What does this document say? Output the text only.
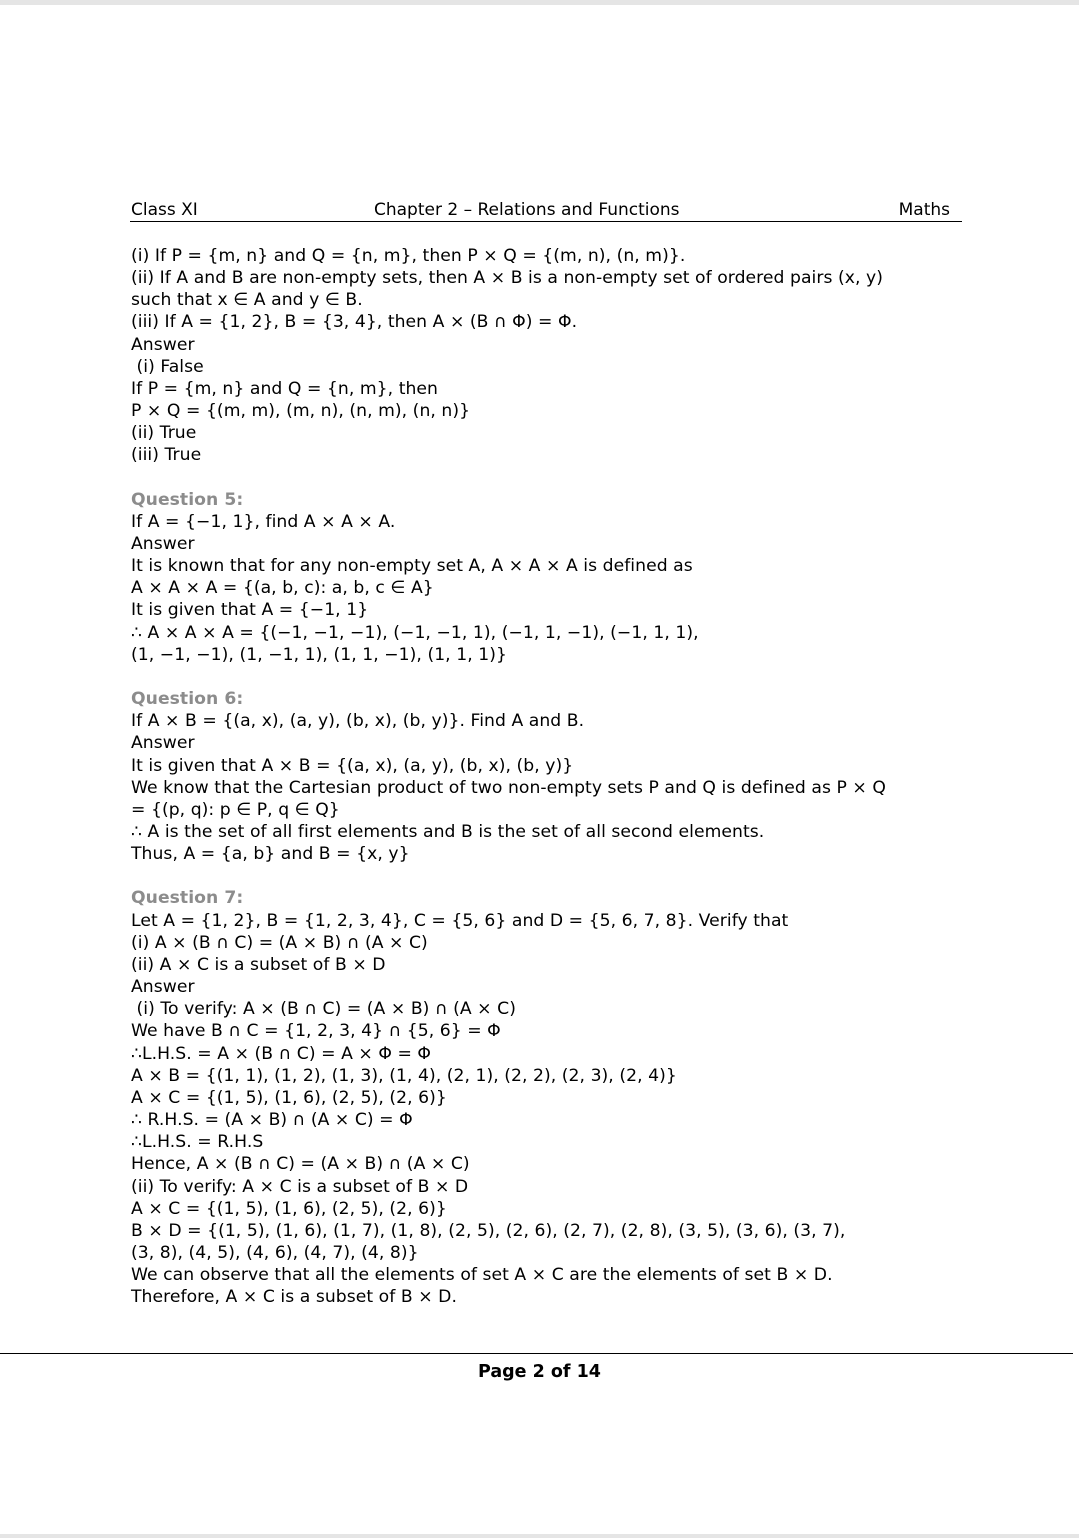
Class XI	Chapter 2 – Relations and Functions	Maths
(i) If P = {m, n} and Q = {n, m}, then P × Q = {(m, n), (n, m)}.
(ii) If A and B are non-empty sets, then A × B is a non-empty set of ordered pairs (x, y)
such that x ∈ A and y ∈ B.
(iii) If A = {1, 2}, B = {3, 4}, then A × (B ∩ Φ) = Φ.
Answer
(i) False
If P = {m, n} and Q = {n, m}, then
P × Q = {(m, m), (m, n), (n, m), (n, n)}
(ii) True
(iii) True
Question 5:
If A = {−1, 1}, find A × A × A.
Answer
It is known that for any non-empty set A, A × A × A is defined as
A × A × A = {(a, b, c): a, b, c ∈ A}
It is given that A = {−1, 1}
∴ A × A × A = {(−1, −1, −1), (−1, −1, 1), (−1, 1, −1), (−1, 1, 1),
(1, −1, −1), (1, −1, 1), (1, 1, −1), (1, 1, 1)}
Question 6:
If A × B = {(a, x), (a, y), (b, x), (b, y)}. Find A and B.
Answer
It is given that A × B = {(a, x), (a, y), (b, x), (b, y)}
We know that the Cartesian product of two non-empty sets P and Q is defined as P × Q
= {(p, q): p ∈ P, q ∈ Q}
∴ A is the set of all first elements and B is the set of all second elements.
Thus, A = {a, b} and B = {x, y}
Question 7:
Let A = {1, 2}, B = {1, 2, 3, 4}, C = {5, 6} and D = {5, 6, 7, 8}. Verify that
(i) A × (B ∩ C) = (A × B) ∩ (A × C)
(ii) A × C is a subset of B × D
Answer
(i) To verify: A × (B ∩ C) = (A × B) ∩ (A × C)
We have B ∩ C = {1, 2, 3, 4} ∩ {5, 6} = Φ
∴L.H.S. = A × (B ∩ C) = A × Φ = Φ
A × B = {(1, 1), (1, 2), (1, 3), (1, 4), (2, 1), (2, 2), (2, 3), (2, 4)}
A × C = {(1, 5), (1, 6), (2, 5), (2, 6)}
∴ R.H.S. = (A × B) ∩ (A × C) = Φ
∴L.H.S. = R.H.S
Hence, A × (B ∩ C) = (A × B) ∩ (A × C)
(ii) To verify: A × C is a subset of B × D
A × C = {(1, 5), (1, 6), (2, 5), (2, 6)}
B × D = {(1, 5), (1, 6), (1, 7), (1, 8), (2, 5), (2, 6), (2, 7), (2, 8), (3, 5), (3, 6), (3, 7),
(3, 8), (4, 5), (4, 6), (4, 7), (4, 8)}
We can observe that all the elements of set A × C are the elements of set B × D.
Therefore, A × C is a subset of B × D.
Page 2 of 14
